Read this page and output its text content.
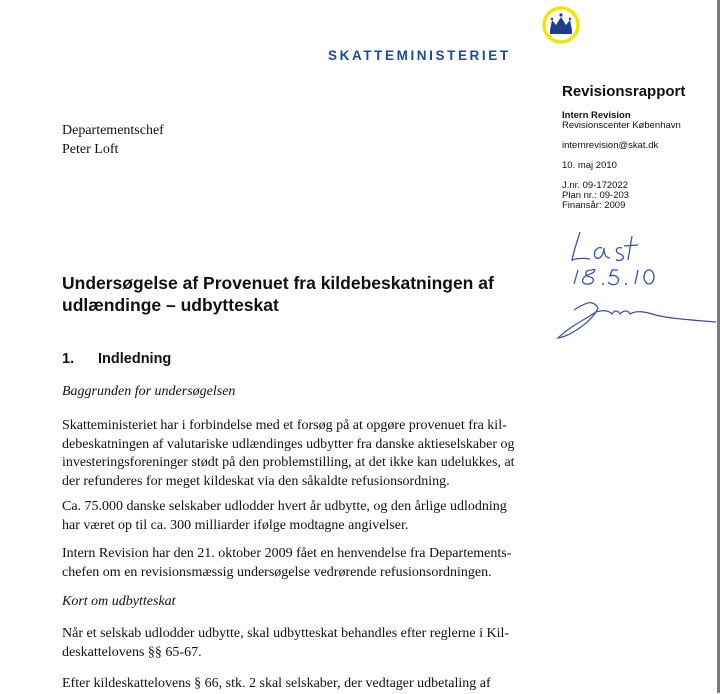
SKATTEMINISTERIET
Revisionsrapport
Intern Revision
Revisionscenter København
internrevision@skat.dk
10. maj 2010
J.nr. 09-172022
Plan nr.: 09-203
Finansår: 2009
Departementschef
Peter Loft
Undersøgelse af Provenuet fra kildebeskatningen af
udlændinge – udbytteskat
1. Indledning
Baggrunden for undersøgelsen
Skatteministeriet har i forbindelse med et forsøg på at opgøre provenuet fra kil-
debeskatningen af valutariske udlændinges udbytter fra danske aktieselskaber og
investeringsforeninger stødt på den problemstilling, at det ikke kan udelukkes, at
der refunderes for meget kildeskat via den såkaldte refusionsordning.
Ca. 75.000 danske selskaber udlodder hvert år udbytte, og den årlige udlodning
har været op til ca. 300 milliarder ifølge modtagne angivelser.
Intern Revision har den 21. oktober 2009 fået en henvendelse fra Departements-
chefen om en revisionsmæssig undersøgelse vedrørende refusionsordningen.
Kort om udbytteskat
Når et selskab udlodder udbytte, skal udbytteskat behandles efter reglerne i Kil-
deskattelovens §§ 65-67.
Efter kildeskattelovens § 66, stk. 2 skal selskaber, der vedtager udbetaling af
